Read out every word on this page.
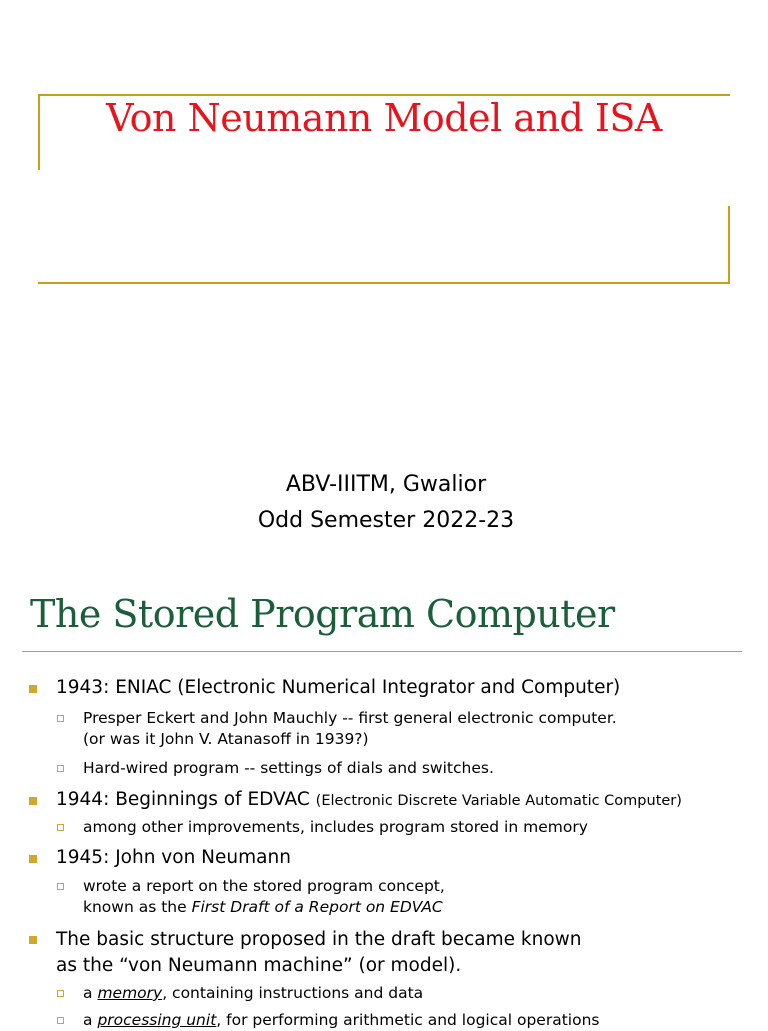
Von Neumann Model and ISA
ABV-IIITM, Gwalior
Odd Semester 2022-23
The Stored Program Computer
1943: ENIAC (Electronic Numerical Integrator and Computer)
Presper Eckert and John Mauchly -- first general electronic computer.
(or was it John V. Atanasoff in 1939?)
Hard-wired program -- settings of dials and switches.
1944: Beginnings of EDVAC (Electronic Discrete Variable Automatic Computer)
among other improvements, includes program stored in memory
1945: John von Neumann
wrote a report on the stored program concept,
known as the First Draft of a Report on EDVAC
The basic structure proposed in the draft became known
as the “von Neumann machine” (or model).
a memory, containing instructions and data
a processing unit, for performing arithmetic and logical operations
